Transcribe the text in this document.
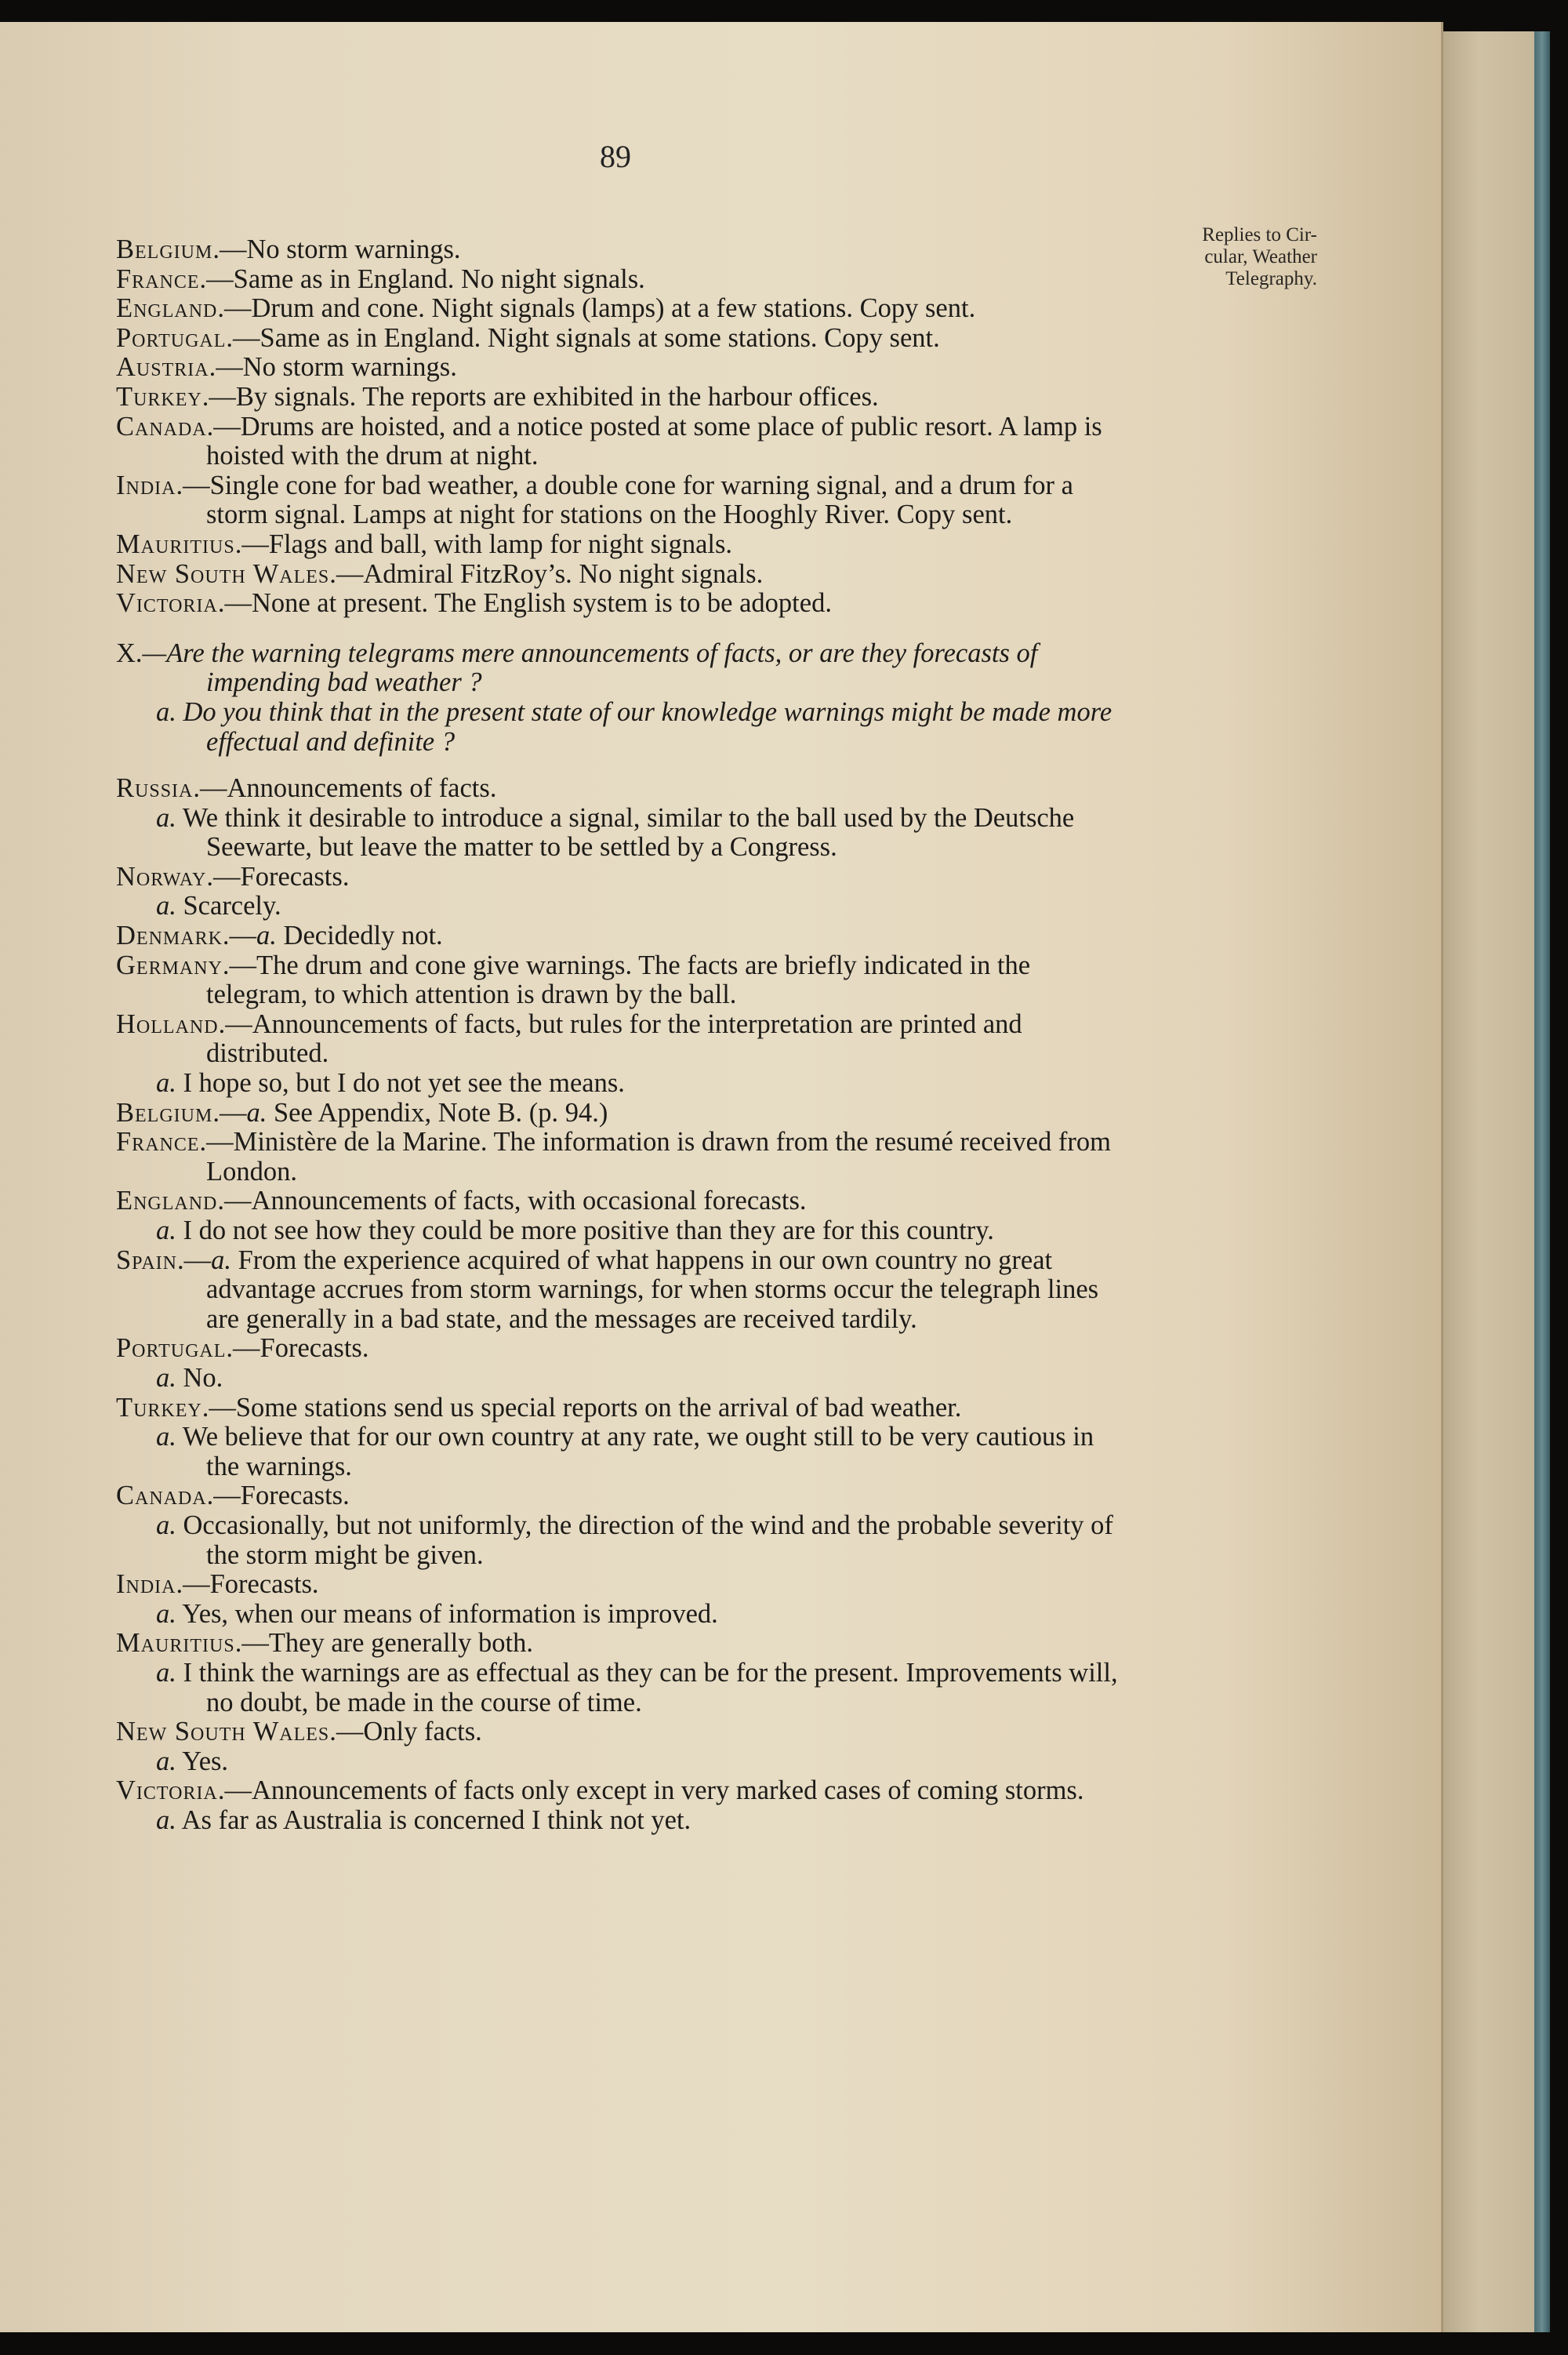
89
Replies to Cir-
cular, Weather
Telegraphy.

Belgium.—No storm warnings.

France.—Same as in England. No night signals.

England.—Drum and cone. Night signals (lamps) at a few stations. Copy sent.

Portugal.—Same as in England. Night signals at some stations. Copy sent.

Austria.—No storm warnings.

Turkey.—By signals. The reports are exhibited in the harbour offices.

Canada.—Drums are hoisted, and a notice posted at some place of public resort. A lamp is hoisted with the drum at night.

India.—Single cone for bad weather, a double cone for warning signal, and a drum for a storm signal. Lamps at night for stations on the Hooghly River. Copy sent.

Mauritius.—Flags and ball, with lamp for night signals.

New South Wales.—Admiral FitzRoy’s. No night signals.

Victoria.—None at present. The English system is to be adopted.

X.—Are the warning telegrams mere announcements of facts, or are they forecasts of impending bad weather ?

a. Do you think that in the present state of our knowledge warnings might be made more effectual and definite ?

Russia.—Announcements of facts.

a. We think it desirable to introduce a signal, similar to the ball used by the Deutsche Seewarte, but leave the matter to be settled by a Congress.

Norway.—Forecasts.

a. Scarcely.

Denmark.—a. Decidedly not.

Germany.—The drum and cone give warnings. The facts are briefly indicated in the telegram, to which attention is drawn by the ball.

Holland.—Announcements of facts, but rules for the interpretation are printed and distributed.

a. I hope so, but I do not yet see the means.

Belgium.—a. See Appendix, Note B. (p. 94.)

France.—Ministère de la Marine. The information is drawn from the resumé received from London.

England.—Announcements of facts, with occasional forecasts.

a. I do not see how they could be more positive than they are for this country.

Spain.—a. From the experience acquired of what happens in our own country no great advantage accrues from storm warnings, for when storms occur the telegraph lines are generally in a bad state, and the messages are received tardily.

Portugal.—Forecasts.

a. No.

Turkey.—Some stations send us special reports on the arrival of bad weather.

a. We believe that for our own country at any rate, we ought still to be very cautious in the warnings.

Canada.—Forecasts.

a. Occasionally, but not uniformly, the direction of the wind and the probable severity of the storm might be given.

India.—Forecasts.

a. Yes, when our means of information is improved.

Mauritius.—They are generally both.

a. I think the warnings are as effectual as they can be for the present. Improvements will, no doubt, be made in the course of time.

New South Wales.—Only facts.

a. Yes.

Victoria.—Announcements of facts only except in very marked cases of coming storms.

a. As far as Australia is concerned I think not yet.
